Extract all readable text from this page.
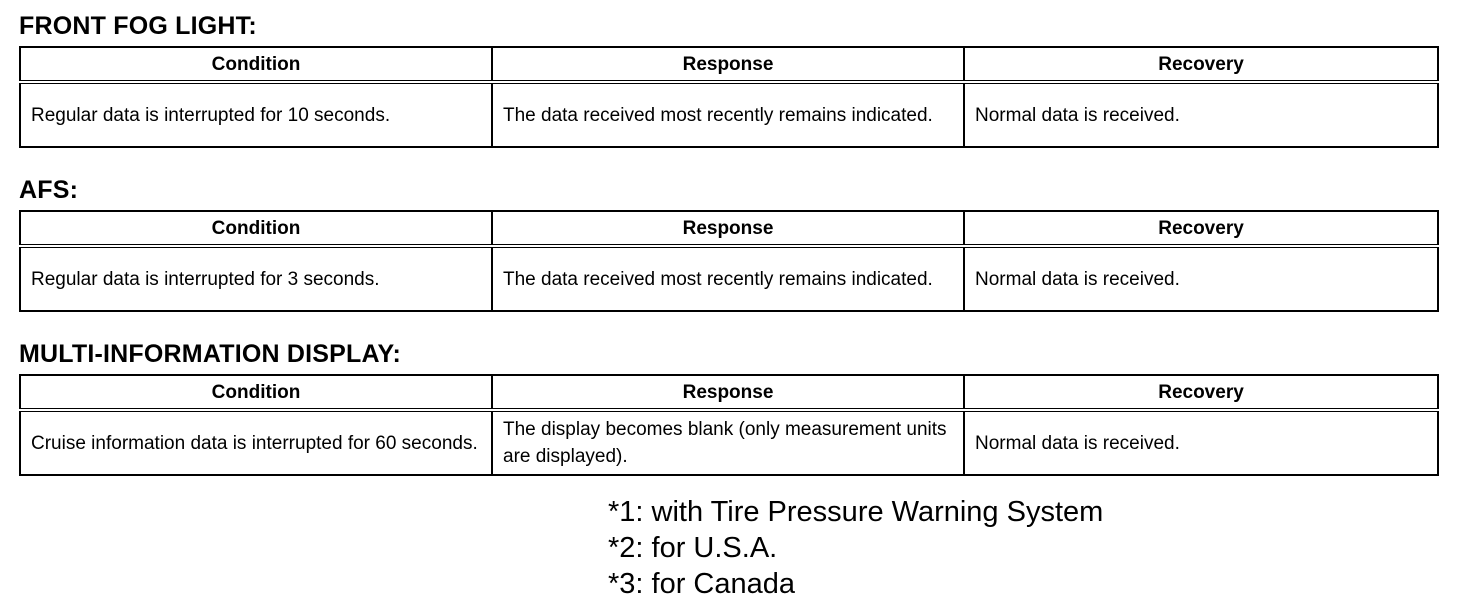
FRONT FOG LIGHT:
Condition	Response	Recovery
Regular data is interrupted for 10 seconds.	The data received most recently remains indicated.	Normal data is received.
AFS:
Condition	Response	Recovery
Regular data is interrupted for 3 seconds.	The data received most recently remains indicated.	Normal data is received.
MULTI-INFORMATION DISPLAY:
Condition	Response	Recovery
Cruise information data is interrupted for 60 seconds.	The display becomes blank (only measurement units are displayed).	Normal data is received.
*1: with Tire Pressure Warning System
*2: for U.S.A.
*3: for Canada
